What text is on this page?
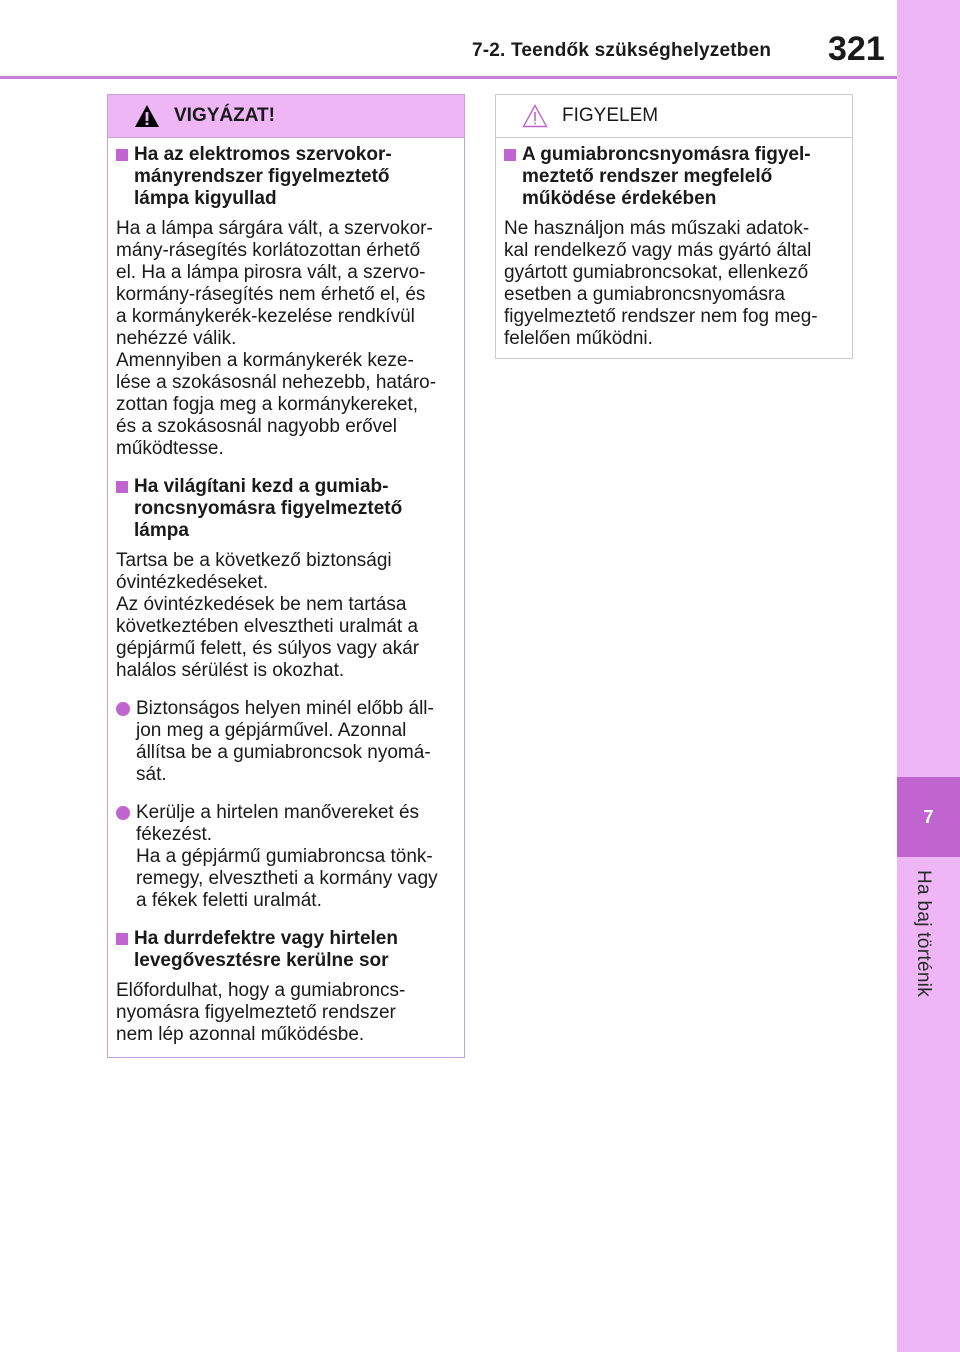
7-2. Teendők szükséghelyzetben 321
7
Ha baj történik
VIGYÁZAT!
Ha az elektromos szervokor-
mányrendszer figyelmeztető
lámpa kigyullad
Ha a lámpa sárgára vált, a szervokor-
mány-rásegítés korlátozottan érhető
el. Ha a lámpa pirosra vált, a szervo-
kormány-rásegítés nem érhető el, és
a kormánykerék-kezelése rendkívül
nehézzé válik.
Amennyiben a kormánykerék keze-
lése a szokásosnál nehezebb, határo-
zottan fogja meg a kormánykereket,
és a szokásosnál nagyobb erővel
működtesse.
Ha világítani kezd a gumiab-
roncsnyomásra figyelmeztető
lámpa
Tartsa be a következő biztonsági
óvintézkedéseket.
Az óvintézkedések be nem tartása
következtében elvesztheti uralmát a
gépjármű felett, és súlyos vagy akár
halálos sérülést is okozhat.
Biztonságos helyen minél előbb áll-
jon meg a gépjárművel. Azonnal
állítsa be a gumiabroncsok nyomá-
sát.
Kerülje a hirtelen manővereket és
fékezést.
Ha a gépjármű gumiabroncsa tönk-
remegy, elvesztheti a kormány vagy
a fékek feletti uralmát.
Ha durrdefektre vagy hirtelen
levegővesztésre kerülne sor
Előfordulhat, hogy a gumiabroncs-
nyomásra figyelmeztető rendszer
nem lép azonnal működésbe.
FIGYELEM
A gumiabroncsnyomásra figyel-
meztető rendszer megfelelő
működése érdekében
Ne használjon más műszaki adatok-
kal rendelkező vagy más gyártó által
gyártott gumiabroncsokat, ellenkező
esetben a gumiabroncsnyomásra
figyelmeztető rendszer nem fog meg-
felelően működni.
